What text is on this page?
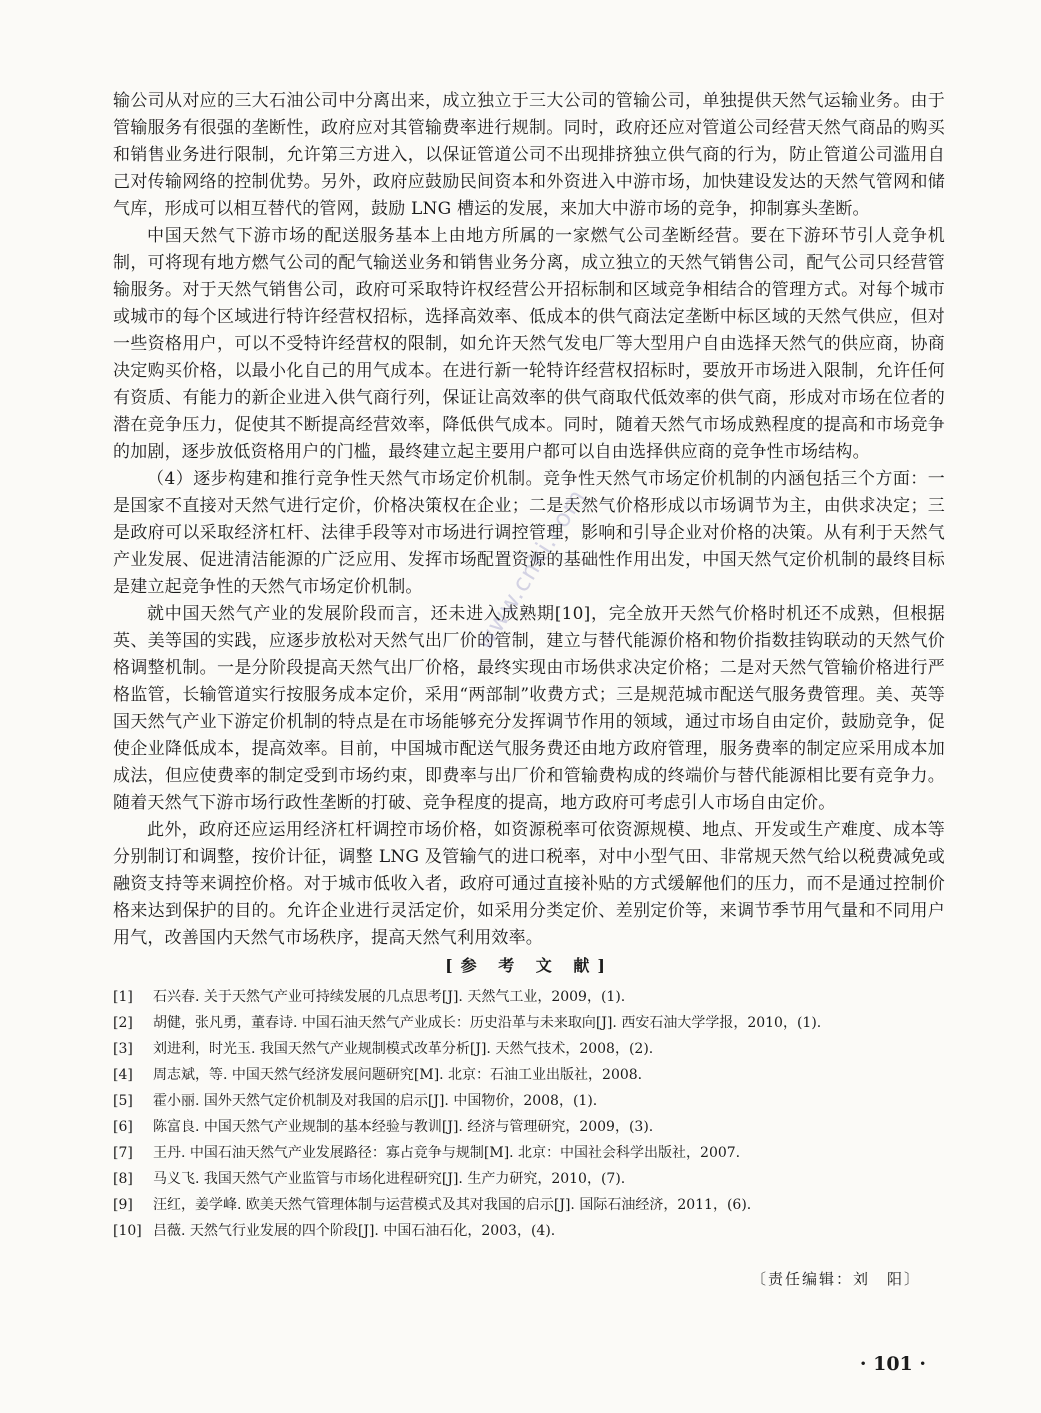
输公司从对应的三大石油公司中分离出来，成立独立于三大公司的管输公司，单独提供天然气运输业务。由于管输服务有很强的垄断性，政府应对其管输费率进行规制。同时，政府还应对管道公司经营天然气商品的购买和销售业务进行限制，允许第三方进入，以保证管道公司不出现排挤独立供气商的行为，防止管道公司滥用自己对传输网络的控制优势。另外，政府应鼓励民间资本和外资进入中游市场，加快建设发达的天然气管网和储气库，形成可以相互替代的管网，鼓励 LNG 槽运的发展，来加大中游市场的竞争，抑制寡头垄断。

中国天然气下游市场的配送服务基本上由地方所属的一家燃气公司垄断经营。要在下游环节引人竞争机制，可将现有地方燃气公司的配气输送业务和销售业务分离，成立独立的天然气销售公司，配气公司只经营管输服务。对于天然气销售公司，政府可采取特许权经营公开招标制和区域竞争相结合的管理方式。对每个城市或城市的每个区域进行特许经营权招标，选择高效率、低成本的供气商法定垄断中标区域的天然气供应，但对一些资格用户，可以不受特许经营权的限制，如允许天然气发电厂等大型用户自由选择天然气的供应商，协商决定购买价格，以最小化自己的用气成本。在进行新一轮特许经营权招标时，要放开市场进入限制，允许任何有资质、有能力的新企业进入供气商行列，保证让高效率的供气商取代低效率的供气商，形成对市场在位者的潜在竞争压力，促使其不断提高经营效率，降低供气成本。同时，随着天然气市场成熟程度的提高和市场竞争的加剧，逐步放低资格用户的门槛，最终建立起主要用户都可以自由选择供应商的竞争性市场结构。

（4）逐步构建和推行竞争性天然气市场定价机制。竞争性天然气市场定价机制的内涵包括三个方面：一是国家不直接对天然气进行定价，价格决策权在企业；二是天然气价格形成以市场调节为主，由供求决定；三是政府可以采取经济杠杆、法律手段等对市场进行调控管理，影响和引导企业对价格的决策。从有利于天然气产业发展、促进清洁能源的广泛应用、发挥市场配置资源的基础性作用出发，中国天然气定价机制的最终目标是建立起竞争性的天然气市场定价机制。

就中国天然气产业的发展阶段而言，还未进入成熟期[10]，完全放开天然气价格时机还不成熟，但根据英、美等国的实践，应逐步放松对天然气出厂价的管制，建立与替代能源价格和物价指数挂钩联动的天然气价格调整机制。一是分阶段提高天然气出厂价格，最终实现由市场供求决定价格；二是对天然气管输价格进行严格监管，长输管道实行按服务成本定价，采用“两部制”收费方式；三是规范城市配送气服务费管理。美、英等国天然气产业下游定价机制的特点是在市场能够充分发挥调节作用的领域，通过市场自由定价，鼓励竞争，促使企业降低成本，提高效率。目前，中国城市配送气服务费还由地方政府管理，服务费率的制定应采用成本加成法，但应使费率的制定受到市场约束，即费率与出厂价和管输费构成的终端价与替代能源相比要有竞争力。随着天然气下游市场行政性垄断的打破、竞争程度的提高，地方政府可考虑引人市场自由定价。

此外，政府还应运用经济杠杆调控市场价格，如资源税率可依资源规模、地点、开发或生产难度、成本等分别制订和调整，按价计征，调整 LNG 及管输气的进口税率，对中小型气田、非常规天然气给以税费减免或融资支持等来调控价格。对于城市低收入者，政府可通过直接补贴的方式缓解他们的压力，而不是通过控制价格来达到保护的目的。允许企业进行灵活定价，如采用分类定价、差别定价等，来调节季节用气量和不同用户用气，改善国内天然气市场秩序，提高天然气利用效率。

[参 考 文 献]
[1]	石兴春. 关于天然气产业可持续发展的几点思考[J]. 天然气工业，2009，(1).
[2]	胡健，张凡勇，董春诗. 中国石油天然气产业成长：历史沿革与未来取向[J]. 西安石油大学学报，2010，(1).
[3]	刘进利，时光玉. 我国天然气产业规制模式改革分析[J]. 天然气技术，2008，(2).
[4]	周志斌，等. 中国天然气经济发展问题研究[M]. 北京：石油工业出版社，2008.
[5]	霍小丽. 国外天然气定价机制及对我国的启示[J]. 中国物价，2008，(1).
[6]	陈富良. 中国天然气产业规制的基本经验与教训[J]. 经济与管理研究，2009，(3).
[7]	王丹. 中国石油天然气产业发展路径：寡占竞争与规制[M]. 北京：中国社会科学出版社，2007.
[8]	马义飞. 我国天然气产业监管与市场化进程研究[J]. 生产力研究，2010，(7).
[9]	汪红，姜学峰. 欧美天然气管理体制与运营模式及其对我国的启示[J]. 国际石油经济，2011，(6).
[10] 吕薇. 天然气行业发展的四个阶段[J]. 中国石油石化，2003，(4).
www.cnki.com
〔责任编辑：刘　阳〕
· 101 ·
